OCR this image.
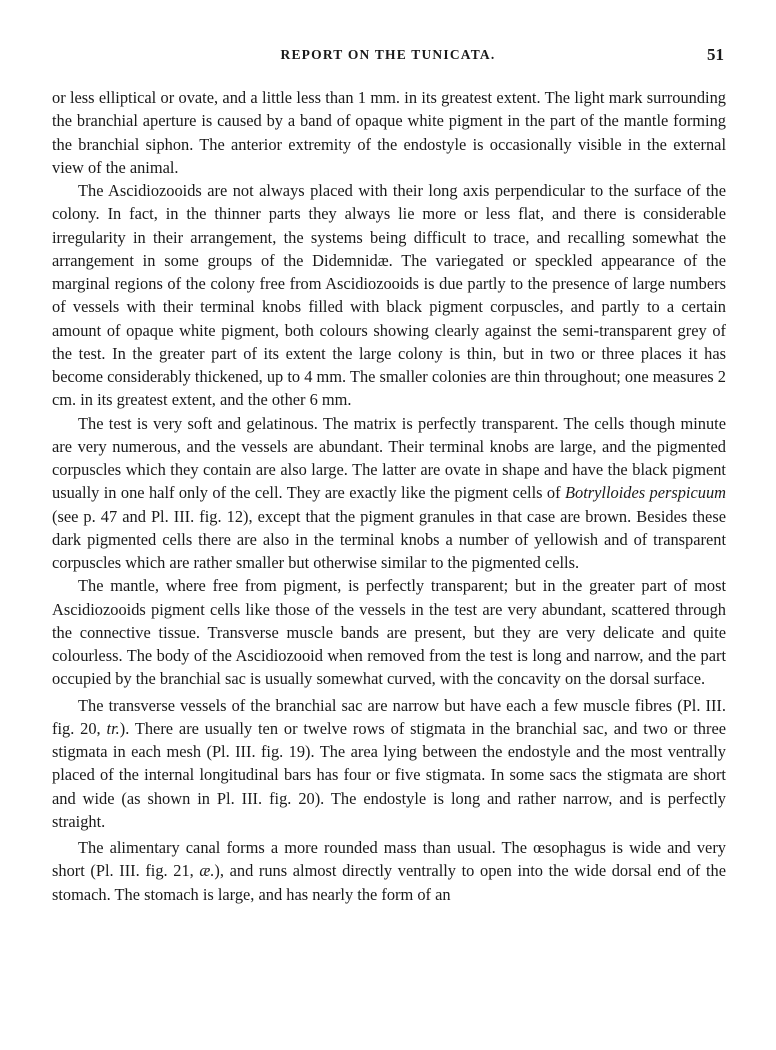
REPORT ON THE TUNICATA.	51

or less elliptical or ovate, and a little less than 1 mm. in its greatest extent. The light mark surrounding the branchial aperture is caused by a band of opaque white pigment in the part of the mantle forming the branchial siphon. The anterior extremity of the endostyle is occasionally visible in the external view of the animal.

The Ascidiozooids are not always placed with their long axis perpendicular to the surface of the colony. In fact, in the thinner parts they always lie more or less flat, and there is considerable irregularity in their arrangement, the systems being difficult to trace, and recalling somewhat the arrangement in some groups of the Didemnidæ. The variegated or speckled appearance of the marginal regions of the colony free from Ascidiozooids is due partly to the presence of large numbers of vessels with their terminal knobs filled with black pigment corpuscles, and partly to a certain amount of opaque white pigment, both colours showing clearly against the semi-transparent grey of the test. In the greater part of its extent the large colony is thin, but in two or three places it has become considerably thickened, up to 4 mm. The smaller colonies are thin throughout; one measures 2 cm. in its greatest extent, and the other 6 mm.

The test is very soft and gelatinous. The matrix is perfectly transparent. The cells though minute are very numerous, and the vessels are abundant. Their terminal knobs are large, and the pigmented corpuscles which they contain are also large. The latter are ovate in shape and have the black pigment usually in one half only of the cell. They are exactly like the pigment cells of Botrylloides perspicuum (see p. 47 and Pl. III. fig. 12), except that the pigment granules in that case are brown. Besides these dark pigmented cells there are also in the terminal knobs a number of yellowish and of transparent corpuscles which are rather smaller but otherwise similar to the pigmented cells.

The mantle, where free from pigment, is perfectly transparent; but in the greater part of most Ascidiozooids pigment cells like those of the vessels in the test are very abundant, scattered through the connective tissue. Transverse muscle bands are present, but they are very delicate and quite colourless. The body of the Ascidiozooid when removed from the test is long and narrow, and the part occupied by the branchial sac is usually somewhat curved, with the concavity on the dorsal surface.

The transverse vessels of the branchial sac are narrow but have each a few muscle fibres (Pl. III. fig. 20, tr.). There are usually ten or twelve rows of stigmata in the branchial sac, and two or three stigmata in each mesh (Pl. III. fig. 19). The area lying between the endostyle and the most ventrally placed of the internal longitudinal bars has four or five stigmata. In some sacs the stigmata are short and wide (as shown in Pl. III. fig. 20). The endostyle is long and rather narrow, and is perfectly straight.

The alimentary canal forms a more rounded mass than usual. The œsophagus is wide and very short (Pl. III. fig. 21, æ.), and runs almost directly ventrally to open into the wide dorsal end of the stomach. The stomach is large, and has nearly the form of an
